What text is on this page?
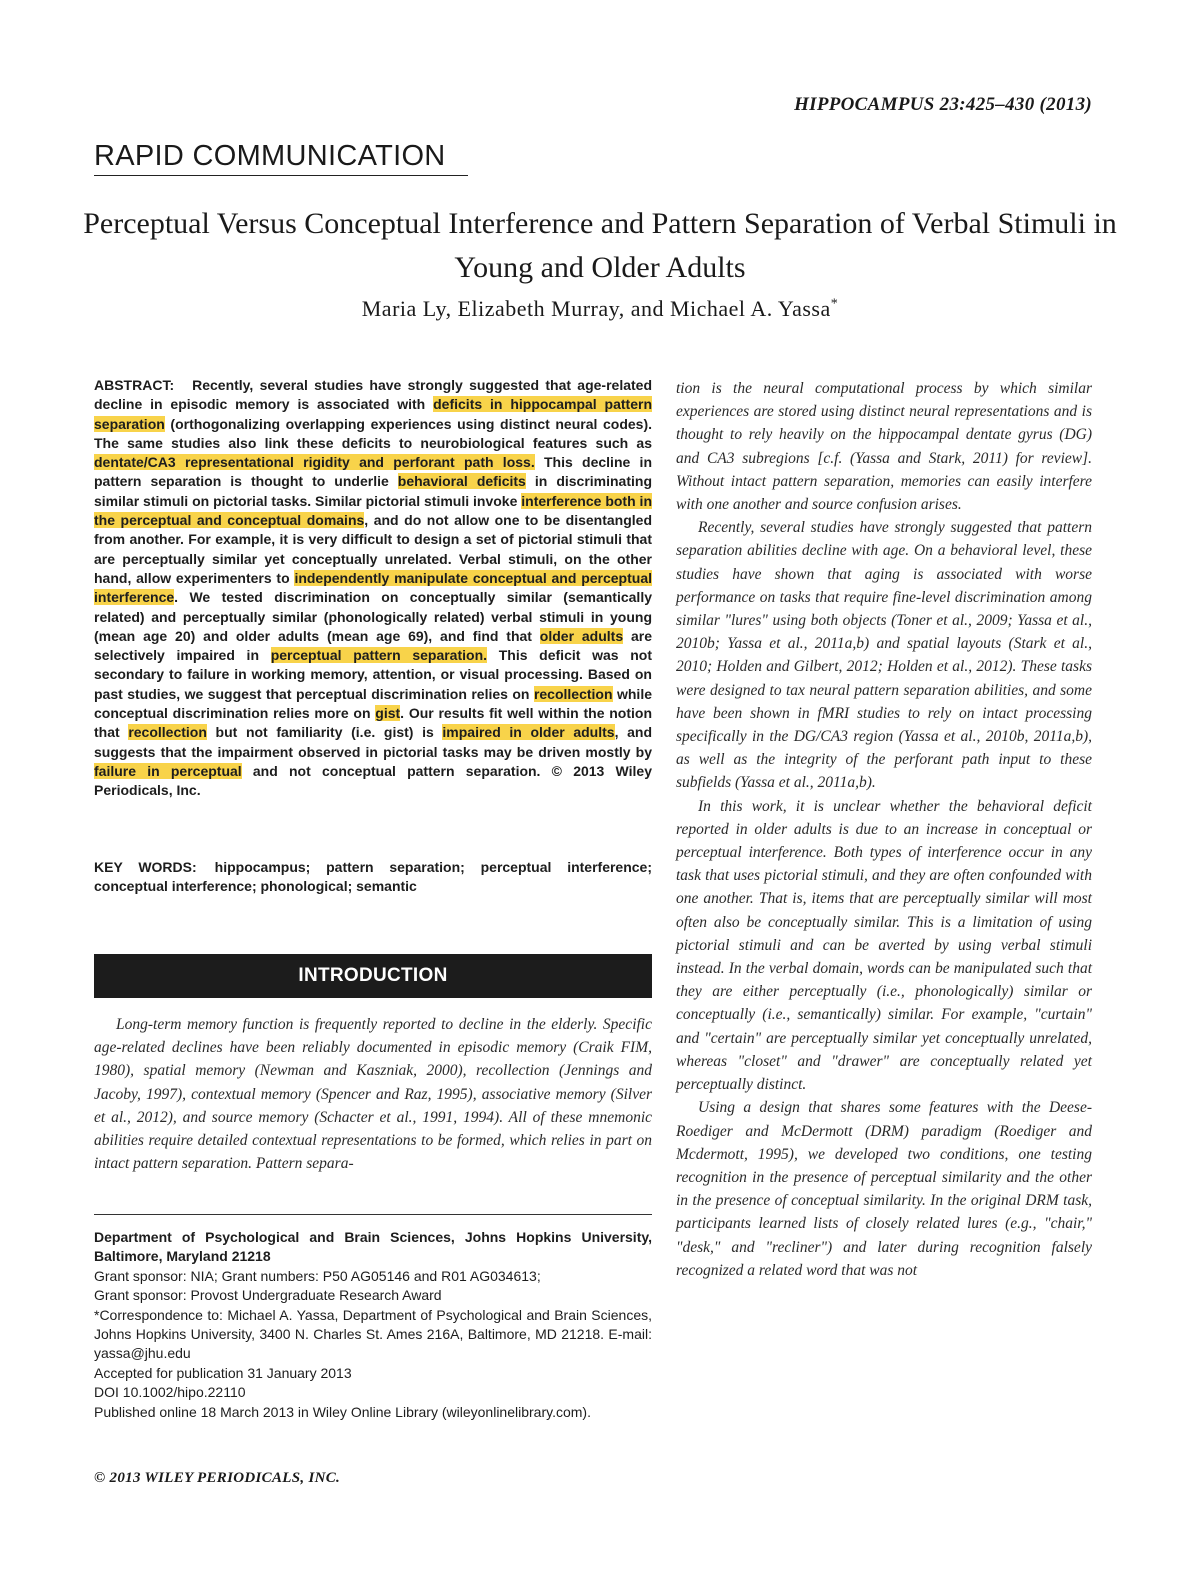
HIPPOCAMPUS 23:425–430 (2013)
RAPID COMMUNICATION
Perceptual Versus Conceptual Interference and Pattern Separation of Verbal Stimuli in Young and Older Adults
Maria Ly, Elizabeth Murray, and Michael A. Yassa*
ABSTRACT: Recently, several studies have strongly suggested that age-related decline in episodic memory is associated with deficits in hippocampal pattern separation (orthogonalizing overlapping experiences using distinct neural codes). The same studies also link these deficits to neurobiological features such as dentate/CA3 representational rigidity and perforant path loss. This decline in pattern separation is thought to underlie behavioral deficits in discriminating similar stimuli on pictorial tasks. Similar pictorial stimuli invoke interference both in the perceptual and conceptual domains, and do not allow one to be disentangled from another. For example, it is very difficult to design a set of pictorial stimuli that are perceptually similar yet conceptually unrelated. Verbal stimuli, on the other hand, allow experimenters to independently manipulate conceptual and perceptual interference. We tested discrimination on conceptually similar (semantically related) and perceptually similar (phonologically related) verbal stimuli in young (mean age 20) and older adults (mean age 69), and find that older adults are selectively impaired in perceptual pattern separation. This deficit was not secondary to failure in working memory, attention, or visual processing. Based on past studies, we suggest that perceptual discrimination relies on recollection while conceptual discrimination relies more on gist. Our results fit well within the notion that recollection but not familiarity (i.e. gist) is impaired in older adults, and suggests that the impairment observed in pictorial tasks may be driven mostly by failure in perceptual and not conceptual pattern separation. © 2013 Wiley Periodicals, Inc.
KEY WORDS: hippocampus; pattern separation; perceptual interference; conceptual interference; phonological; semantic
INTRODUCTION

Long-term memory function is frequently reported to decline in the elderly. Specific age-related declines have been reliably documented in episodic memory (Craik FIM, 1980), spatial memory (Newman and Kaszniak, 2000), recollection (Jennings and Jacoby, 1997), contextual memory (Spencer and Raz, 1995), associative memory (Silver et al., 2012), and source memory (Schacter et al., 1991, 1994). All of these mnemonic abilities require detailed contextual representations to be formed, which relies in part on intact pattern separation. Pattern separa-

Department of Psychological and Brain Sciences, Johns Hopkins University, Baltimore, Maryland 21218
Grant sponsor: NIA; Grant numbers: P50 AG05146 and R01 AG034613;
Grant sponsor: Provost Undergraduate Research Award
*Correspondence to: Michael A. Yassa, Department of Psychological and Brain Sciences, Johns Hopkins University, 3400 N. Charles St. Ames 216A, Baltimore, MD 21218. E-mail: yassa@jhu.edu
Accepted for publication 31 January 2013
DOI 10.1002/hipo.22110
Published online 18 March 2013 in Wiley Online Library (wileyonlinelibrary.com).
© 2013 WILEY PERIODICALS, INC.

tion is the neural computational process by which similar experiences are stored using distinct neural representations and is thought to rely heavily on the hippocampal dentate gyrus (DG) and CA3 subregions [c.f. (Yassa and Stark, 2011) for review]. Without intact pattern separation, memories can easily interfere with one another and source confusion arises.

Recently, several studies have strongly suggested that pattern separation abilities decline with age. On a behavioral level, these studies have shown that aging is associated with worse performance on tasks that require fine-level discrimination among similar "lures" using both objects (Toner et al., 2009; Yassa et al., 2010b; Yassa et al., 2011a,b) and spatial layouts (Stark et al., 2010; Holden and Gilbert, 2012; Holden et al., 2012). These tasks were designed to tax neural pattern separation abilities, and some have been shown in fMRI studies to rely on intact processing specifically in the DG/CA3 region (Yassa et al., 2010b, 2011a,b), as well as the integrity of the perforant path input to these subfields (Yassa et al., 2011a,b).

In this work, it is unclear whether the behavioral deficit reported in older adults is due to an increase in conceptual or perceptual interference. Both types of interference occur in any task that uses pictorial stimuli, and they are often confounded with one another. That is, items that are perceptually similar will most often also be conceptually similar. This is a limitation of using pictorial stimuli and can be averted by using verbal stimuli instead. In the verbal domain, words can be manipulated such that they are either perceptually (i.e., phonologically) similar or conceptually (i.e., semantically) similar. For example, "curtain" and "certain" are perceptually similar yet conceptually unrelated, whereas "closet" and "drawer" are conceptually related yet perceptually distinct.

Using a design that shares some features with the Deese-Roediger and McDermott (DRM) paradigm (Roediger and Mcdermott, 1995), we developed two conditions, one testing recognition in the presence of perceptual similarity and the other in the presence of conceptual similarity. In the original DRM task, participants learned lists of closely related lures (e.g., "chair," "desk," and "recliner") and later during recognition falsely recognized a related word that was not
